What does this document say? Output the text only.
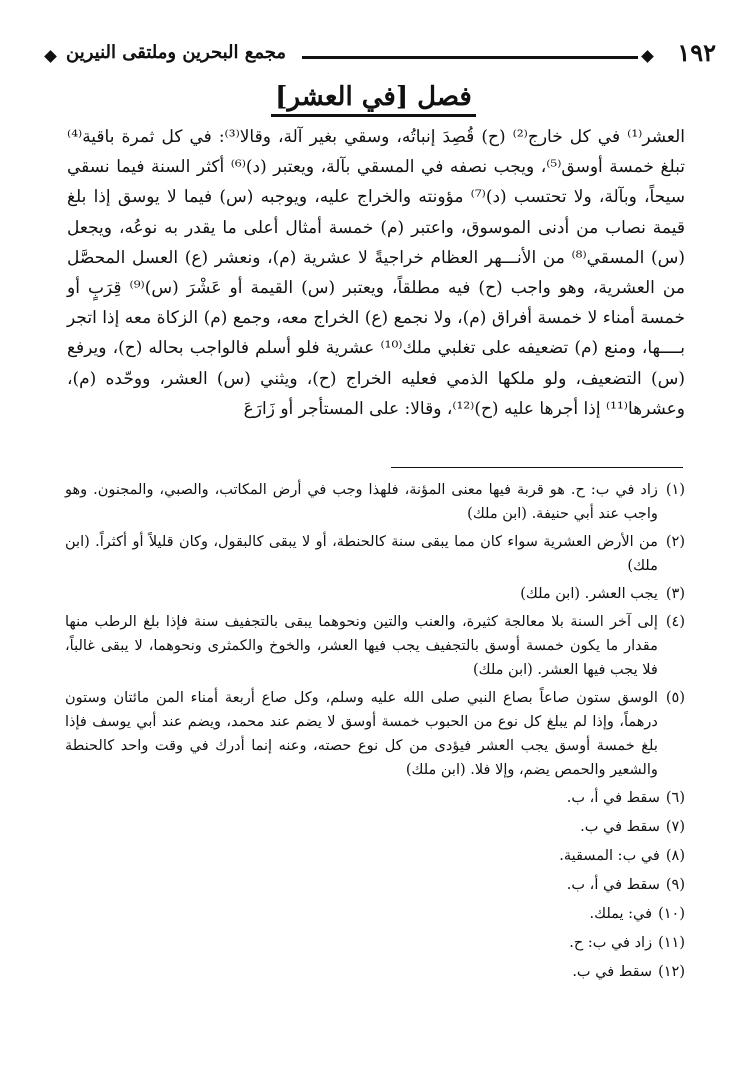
١٩٢
مجمع البحرين وملتقى النيرين
فصل [في العشر]

العشر⁽¹⁾ في كل خارج⁽²⁾ (ح) قُصِدَ إنباتُه، وسقي بغير آلة، وقالا⁽³⁾: في كل ثمرة باقية⁽⁴⁾ تبلغ خمسة أوسق⁽⁵⁾، ويجب نصفه في المسقي بآلة، ويعتبر (د)⁽⁶⁾ أكثر السنة فيما نسقي سيحاً، وبآلة، ولا تحتسب (د)⁽⁷⁾ مؤونته والخراج عليه، ويوجبه (س) فيما لا يوسق إذا بلغ قيمة نصاب من أدنى الموسوق، واعتبر (م) خمسة أمثال أعلى ما يقدر به نوعُه، ويجعل (س) المسقي⁽⁸⁾ من الأنـــهر العظام خراجيةً لا عشرية (م)، ونعشر (ع) العسل المحصَّل من العشرية، وهو واجب (ح) فيه مطلقاً، ويعتبر (س) القيمة أو عَشْرَ (س)⁽⁹⁾ قِرَبٍ أو خمسة أمناء لا خمسة أفراق (م)، ولا نجمع (ع) الخراج معه، وجمع (م) الزكاة معه إذا اتجر بــــها، ومنع (م) تضعيفه على تغلبي ملك⁽¹⁰⁾ عشرية فلو أسلم فالواجب بحاله (ح)، ويرفع (س) التضعيف، ولو ملكها الذمي فعليه الخراج (ح)، ويثني (س) العشر، ووحّده (م)، وعشرها⁽¹¹⁾ إذا أجرها عليه (ح)⁽¹²⁾، وقالا: على المستأجر أو زَارَعَ

(١)
زاد في ب: ح. هو قربة فيها معنى المؤنة، فلهذا وجب في أرض المكاتب، والصبي، والمجنون. وهو واجب عند أبي حنيفة. (ابن ملك)
(٢)
من الأرض العشرية سواء كان مما يبقى سنة كالحنطة، أو لا يبقى كالبقول، وكان قليلاً أو أكثراً. (ابن ملك)
(٣)
يجب العشر. (ابن ملك)
(٤)
إلى آخر السنة بلا معالجة كثيرة، والعنب والتين ونحوهما يبقى بالتجفيف سنة فإذا بلغ الرطب منها مقدار ما يكون خمسة أوسق بالتجفيف يجب فيها العشر، والخوخ والكمثرى ونحوهما، لا يبقى غالباً، فلا يجب فيها العشر. (ابن ملك)
(٥)
الوسق ستون صاعاً بصاع النبي صلى الله عليه وسلم، وكل صاع أربعة أمناء المن مائتان وستون درهماً، وإذا لم يبلغ كل نوع من الحبوب خمسة أوسق لا يضم عند محمد، ويضم عند أبي يوسف فإذا بلغ خمسة أوسق يجب العشر فيؤدى من كل نوع حصته، وعنه إنما أدرك في وقت واحد كالحنطة والشعير والحمص يضم، وإلا فلا. (ابن ملك)
(٦)
سقط في أ، ب.
(٧)
سقط في ب.
(٨)
في ب: المسقية.
(٩)
سقط في أ، ب.
(١٠)
في: يملك.
(١١)
زاد في ب: ح.
(١٢)
سقط في ب.
